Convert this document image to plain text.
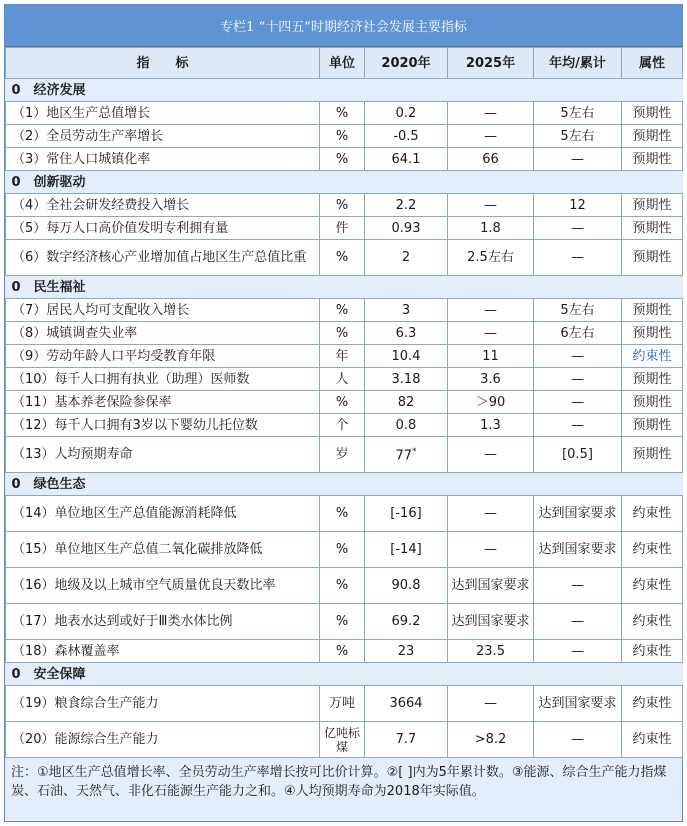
专栏1 “十四五”时期经济社会发展主要指标
指　　标	单位	2020年	2025年	年均/累计	属性
0　经济发展					
（1）地区生产总值增长	%	0.2	—	5左右	预期性
（2）全员劳动生产率增长	%	-0.5	—	5左右	预期性
（3）常住人口城镇化率	%	64.1	66	—	预期性
0　创新驱动					
（4）全社会研发经费投入增长	%	2.2	—	12	预期性
（5）每万人口高价值发明专利拥有量	件	0.93	1.8	—	预期性
（6）数字经济核心产业增加值占地区生产总值比重	%	2	2.5左右	—	预期性
0　民生福祉					
（7）居民人均可支配收入增长	%	3	—	5左右	预期性
（8）城镇调查失业率	%	6.3	—	6左右	预期性
（9）劳动年龄人口平均受教育年限	年	10.4	11	—	约束性
（10）每千人口拥有执业（助理）医师数	人	3.18	3.6	—	预期性
（11）基本养老保险参保率	%	82	＞90	—	预期性
（12）每千人口拥有3岁以下婴幼儿托位数	个	0.8	1.3	—	预期性
（13）人均预期寿命	岁	77*	—	[0.5]	预期性
0　绿色生态					
（14）单位地区生产总值能源消耗降低	%	[-16]	—	达到国家要求	约束性
（15）单位地区生产总值二氧化碳排放降低	%	[-14]	—	达到国家要求	约束性
（16）地级及以上城市空气质量优良天数比率	%	90.8	达到国家要求	—	约束性
（17）地表水达到或好于Ⅲ类水体比例	%	69.2	达到国家要求	—	约束性
（18）森林覆盖率	%	23	23.5	—	约束性
0　安全保障					
（19）粮食综合生产能力	万吨	3664	—	达到国家要求	约束性
（20）能源综合生产能力	亿吨标煤	7.7	>8.2	—	约束性
注：①地区生产总值增长率、全员劳动生产率增长按可比价计算。②[ ]内为5年累计数。③能源、综合生产能力指煤炭、石油、天然气、非化石能源生产能力之和。④人均预期寿命为2018年实际值。
